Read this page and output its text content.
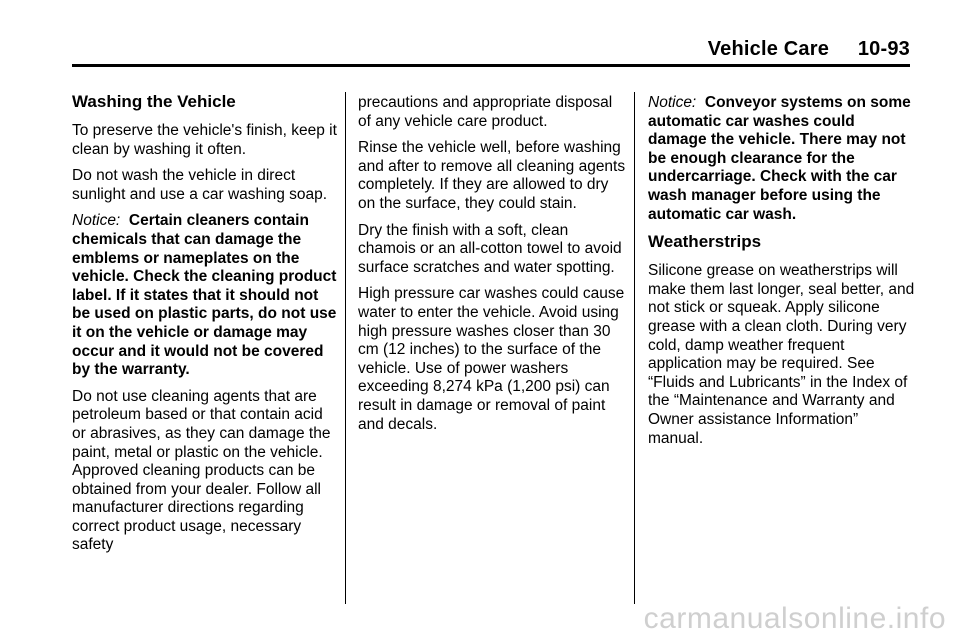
Vehicle Care     10-93
Washing the Vehicle

To preserve the vehicle's finish, keep it clean by washing it often.

Do not wash the vehicle in direct sunlight and use a car washing soap.

Notice: Certain cleaners contain chemicals that can damage the emblems or nameplates on the vehicle. Check the cleaning product label. If it states that it should not be used on plastic parts, do not use it on the vehicle or damage may occur and it would not be covered by the warranty.

Do not use cleaning agents that are petroleum based or that contain acid or abrasives, as they can damage the paint, metal or plastic on the vehicle. Approved cleaning products can be obtained from your dealer. Follow all manufacturer directions regarding correct product usage, necessary safety

precautions and appropriate disposal of any vehicle care product.

Rinse the vehicle well, before washing and after to remove all cleaning agents completely. If they are allowed to dry on the surface, they could stain.

Dry the finish with a soft, clean chamois or an all-cotton towel to avoid surface scratches and water spotting.

High pressure car washes could cause water to enter the vehicle. Avoid using high pressure washes closer than 30 cm (12 inches) to the surface of the vehicle. Use of power washers exceeding 8,274 kPa (1,200 psi) can result in damage or removal of paint and decals.

Notice: Conveyor systems on some automatic car washes could damage the vehicle. There may not be enough clearance for the undercarriage. Check with the car wash manager before using the automatic car wash.

Weatherstrips

Silicone grease on weatherstrips will make them last longer, seal better, and not stick or squeak. Apply silicone grease with a clean cloth. During very cold, damp weather frequent application may be required. See “Fluids and Lubricants” in the Index of the “Maintenance and Warranty and Owner assistance Information” manual.

carmanualsonline.info
